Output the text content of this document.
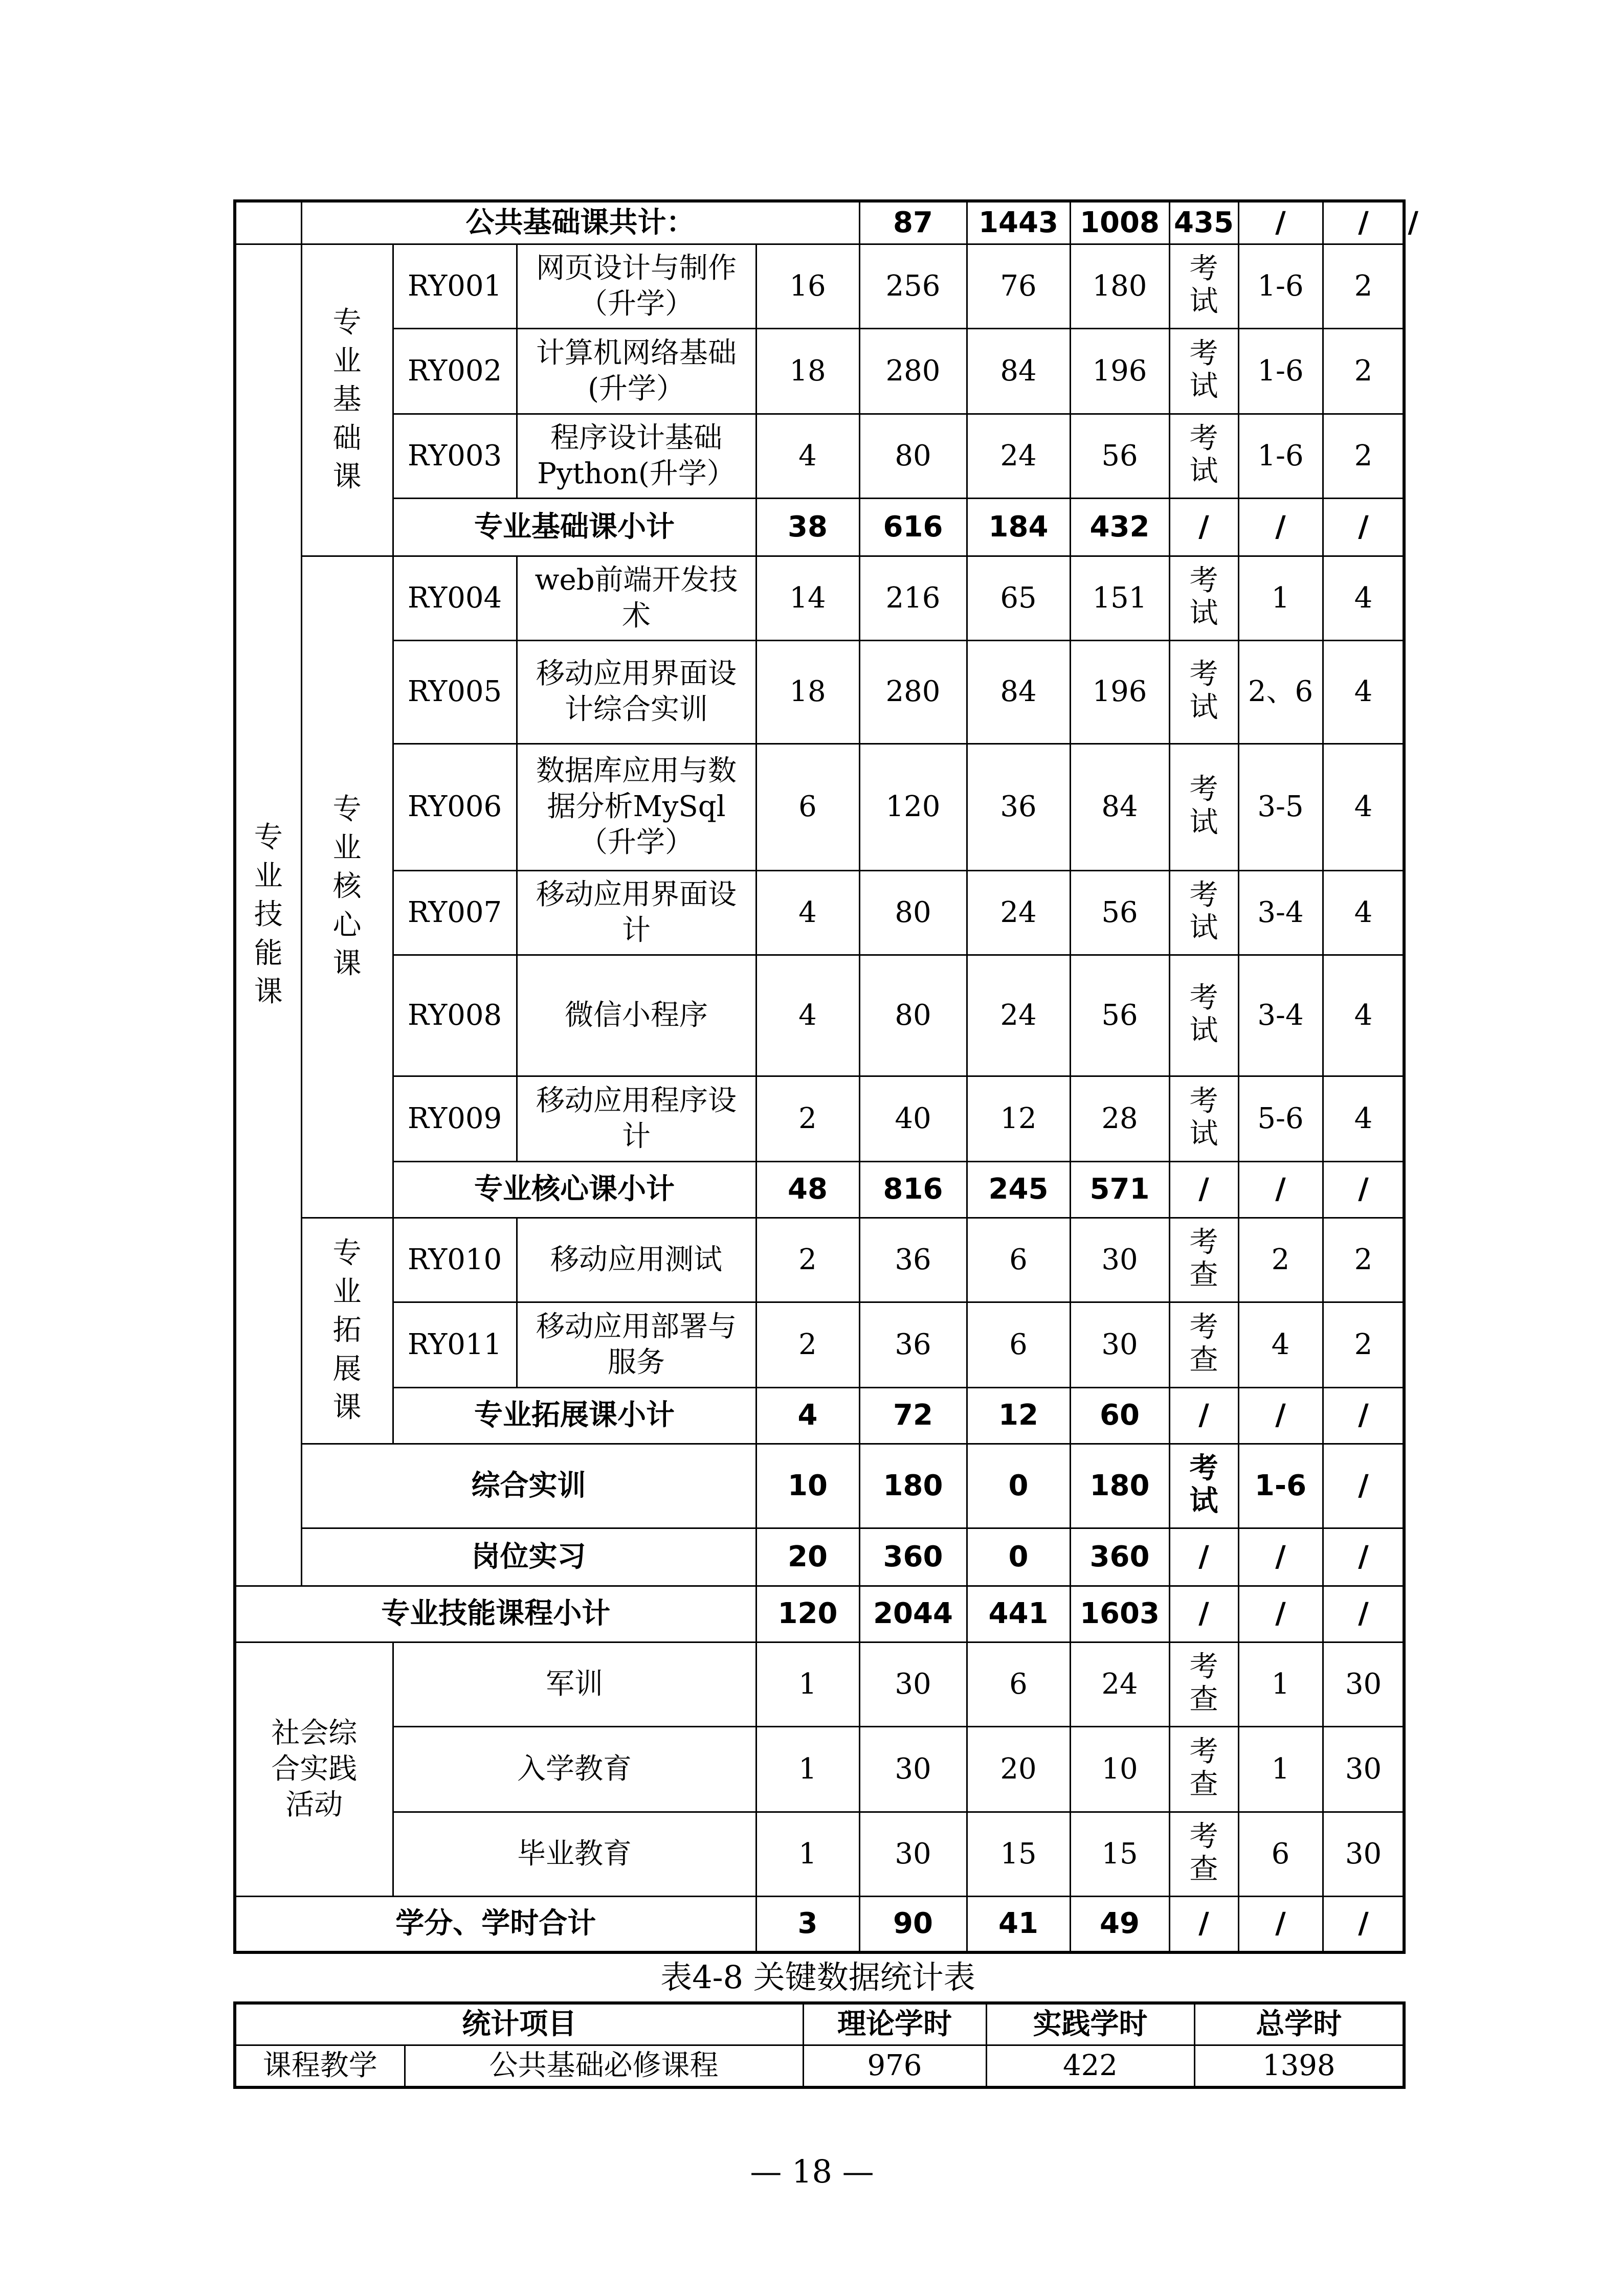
	公共基础课共计：				87	1443	1008	435	/	/	/
专业技能课	专业基础课	RY001	网页设计与制作（升学）	16	256	76	180	考试	1-6	2	
		RY002	计算机网络基础(升学）	18	280	84	196	考试	1-6	2	
		RY003	程序设计基础Python(升学）	4	80	24	56	考试	1-6	2	
		专业基础课小计		38	616	184	432	/	/	/	
	专业核心课	RY004	web前端开发技术	14	216	65	151	考试	1	4	
		RY005	移动应用界面设计综合实训	18	280	84	196	考试	2、6	4	
		RY006	数据库应用与数据分析MySql（升学）	6	120	36	84	考试	3-5	4	
		RY007	移动应用界面设计	4	80	24	56	考试	3-4	4	
		RY008	微信小程序	4	80	24	56	考试	3-4	4	
		RY009	移动应用程序设计	2	40	12	28	考试	5-6	4	
		专业核心课小计		48	816	245	571	/	/	/	
	专业拓展课	RY010	移动应用测试	2	36	6	30	考查	2	2	
		RY011	移动应用部署与服务	2	36	6	30	考查	4	2	
		专业拓展课小计		4	72	12	60	/	/	/	
	综合实训			10	180	0	180	考试	1-6	/	
	岗位实习			20	360	0	360	/	/	/	
专业技能课程小计				120	2044	441	1603	/	/	/	
社会综合实践活动		军训		1	30	6	24	考查	1	30	
		入学教育		1	30	20	10	考查	1	30	
		毕业教育		1	30	15	15	考查	6	30	
学分、学时合计				3	90	41	49	/	/	/	
表4-8 关键数据统计表
统计项目		理论学时	实践学时	总学时
课程教学	公共基础必修课程	976	422	1398
— 18 —
